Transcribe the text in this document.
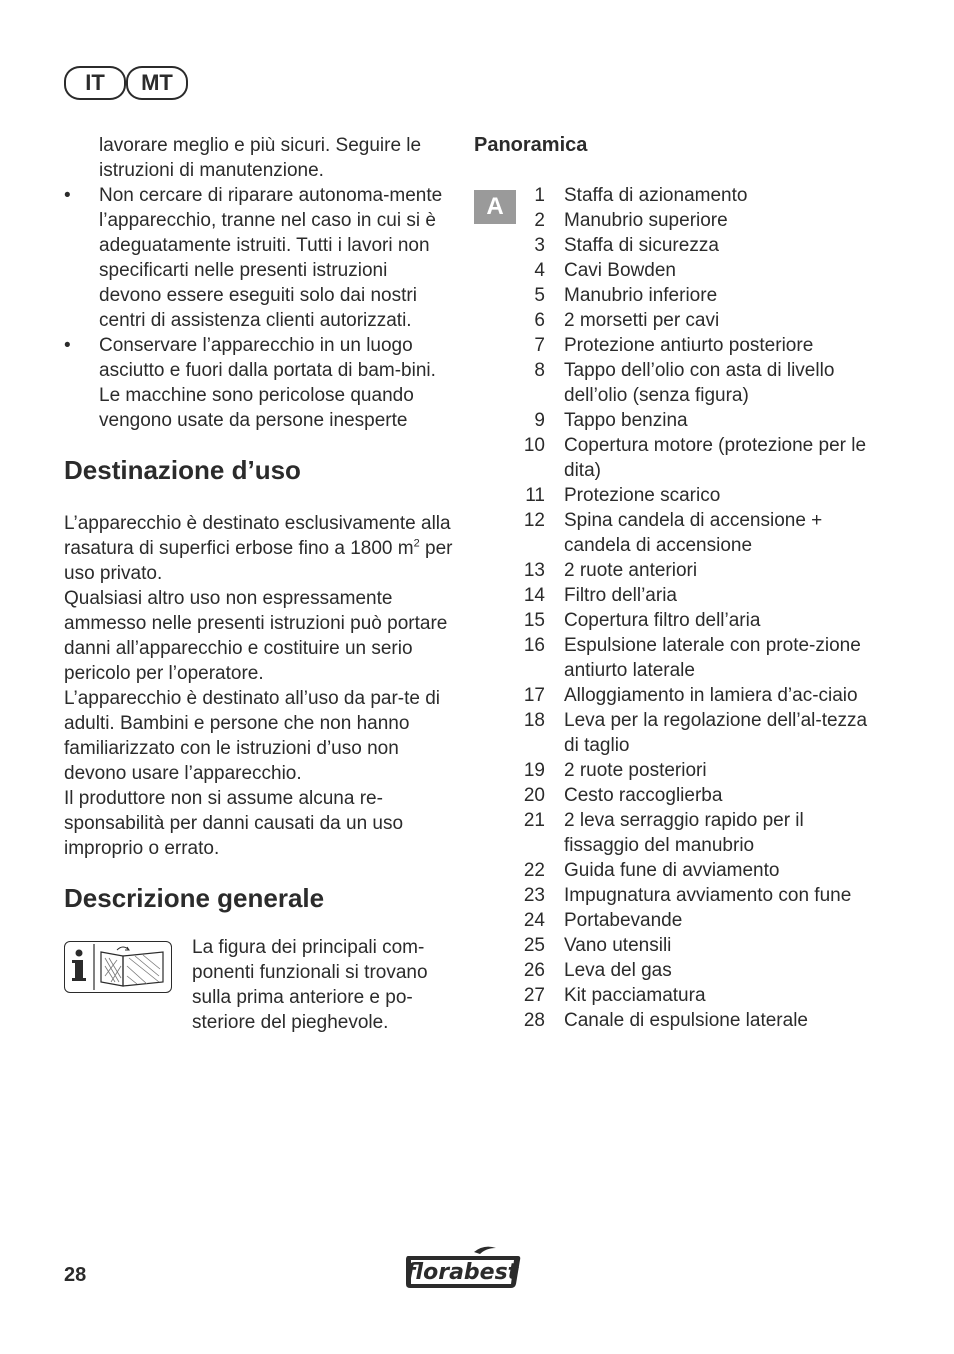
IT	MT

lavorare meglio e più sicuri. Seguire le istruzioni di manutenzione.

• Non cercare di riparare autonoma-mente l’apparecchio, tranne nel caso in cui si è adeguatamente istruiti. Tutti i lavori non specificarti nelle presenti istruzioni devono essere eseguiti solo dai nostri centri di assistenza clienti autorizzati.
• Conservare l’apparecchio in un luogo asciutto e fuori dalla portata di bam-bini. Le macchine sono pericolose quando vengono usate da persone inesperte
Destinazione d’uso

L’apparecchio è destinato esclusivamente alla rasatura di superfici erbose fino a 1800 $m^2$ per uso privato.

Qualsiasi altro uso non espressamente ammesso nelle presenti istruzioni può portare danni all’apparecchio e costituire un serio pericolo per l’operatore.

L’apparecchio è destinato all’uso da par-te di adulti. Bambini e persone che non hanno familiarizzato con le istruzioni d’uso non devono usare l’apparecchio.

Il produttore non si assume alcuna re-sponsabilità per danni causati da un uso improprio o errato.

Descrizione generale

La figura dei principali com-ponenti funzionali si trovano sulla prima anteriore e po-steriore del pieghevole.

Panoramica
A	1 Staffa di azionamento
2 Manubrio superiore
3 Staffa di sicurezza
4 Cavi Bowden
5 Manubrio inferiore
6 2 morsetti per cavi
7 Protezione antiurto posteriore
8 Tappo dell’olio con asta di livello dell’olio (senza figura)
9 Tappo benzina
10 Copertura motore (protezione per le dita)
11 Protezione scarico
12 Spina candela di accensione + candela di accensione
13 2 ruote anteriori
14 Filtro dell’aria
15 Copertura filtro dell’aria
16 Espulsione laterale con prote-zione antiurto laterale
17 Alloggiamento in lamiera d’ac-ciaio
18 Leva per la regolazione dell’al-tezza di taglio
19 2 ruote posteriori
20 Cesto raccoglierba
21 2 leva serraggio rapido per il fissaggio del manubrio
22 Guida fune di avviamento
23 Impugnatura avviamento con fune
24 Portabevande
25 Vano utensili
26 Leva del gas
27 Kit pacciamatura
28 Canale di espulsione laterale
28	florabest
